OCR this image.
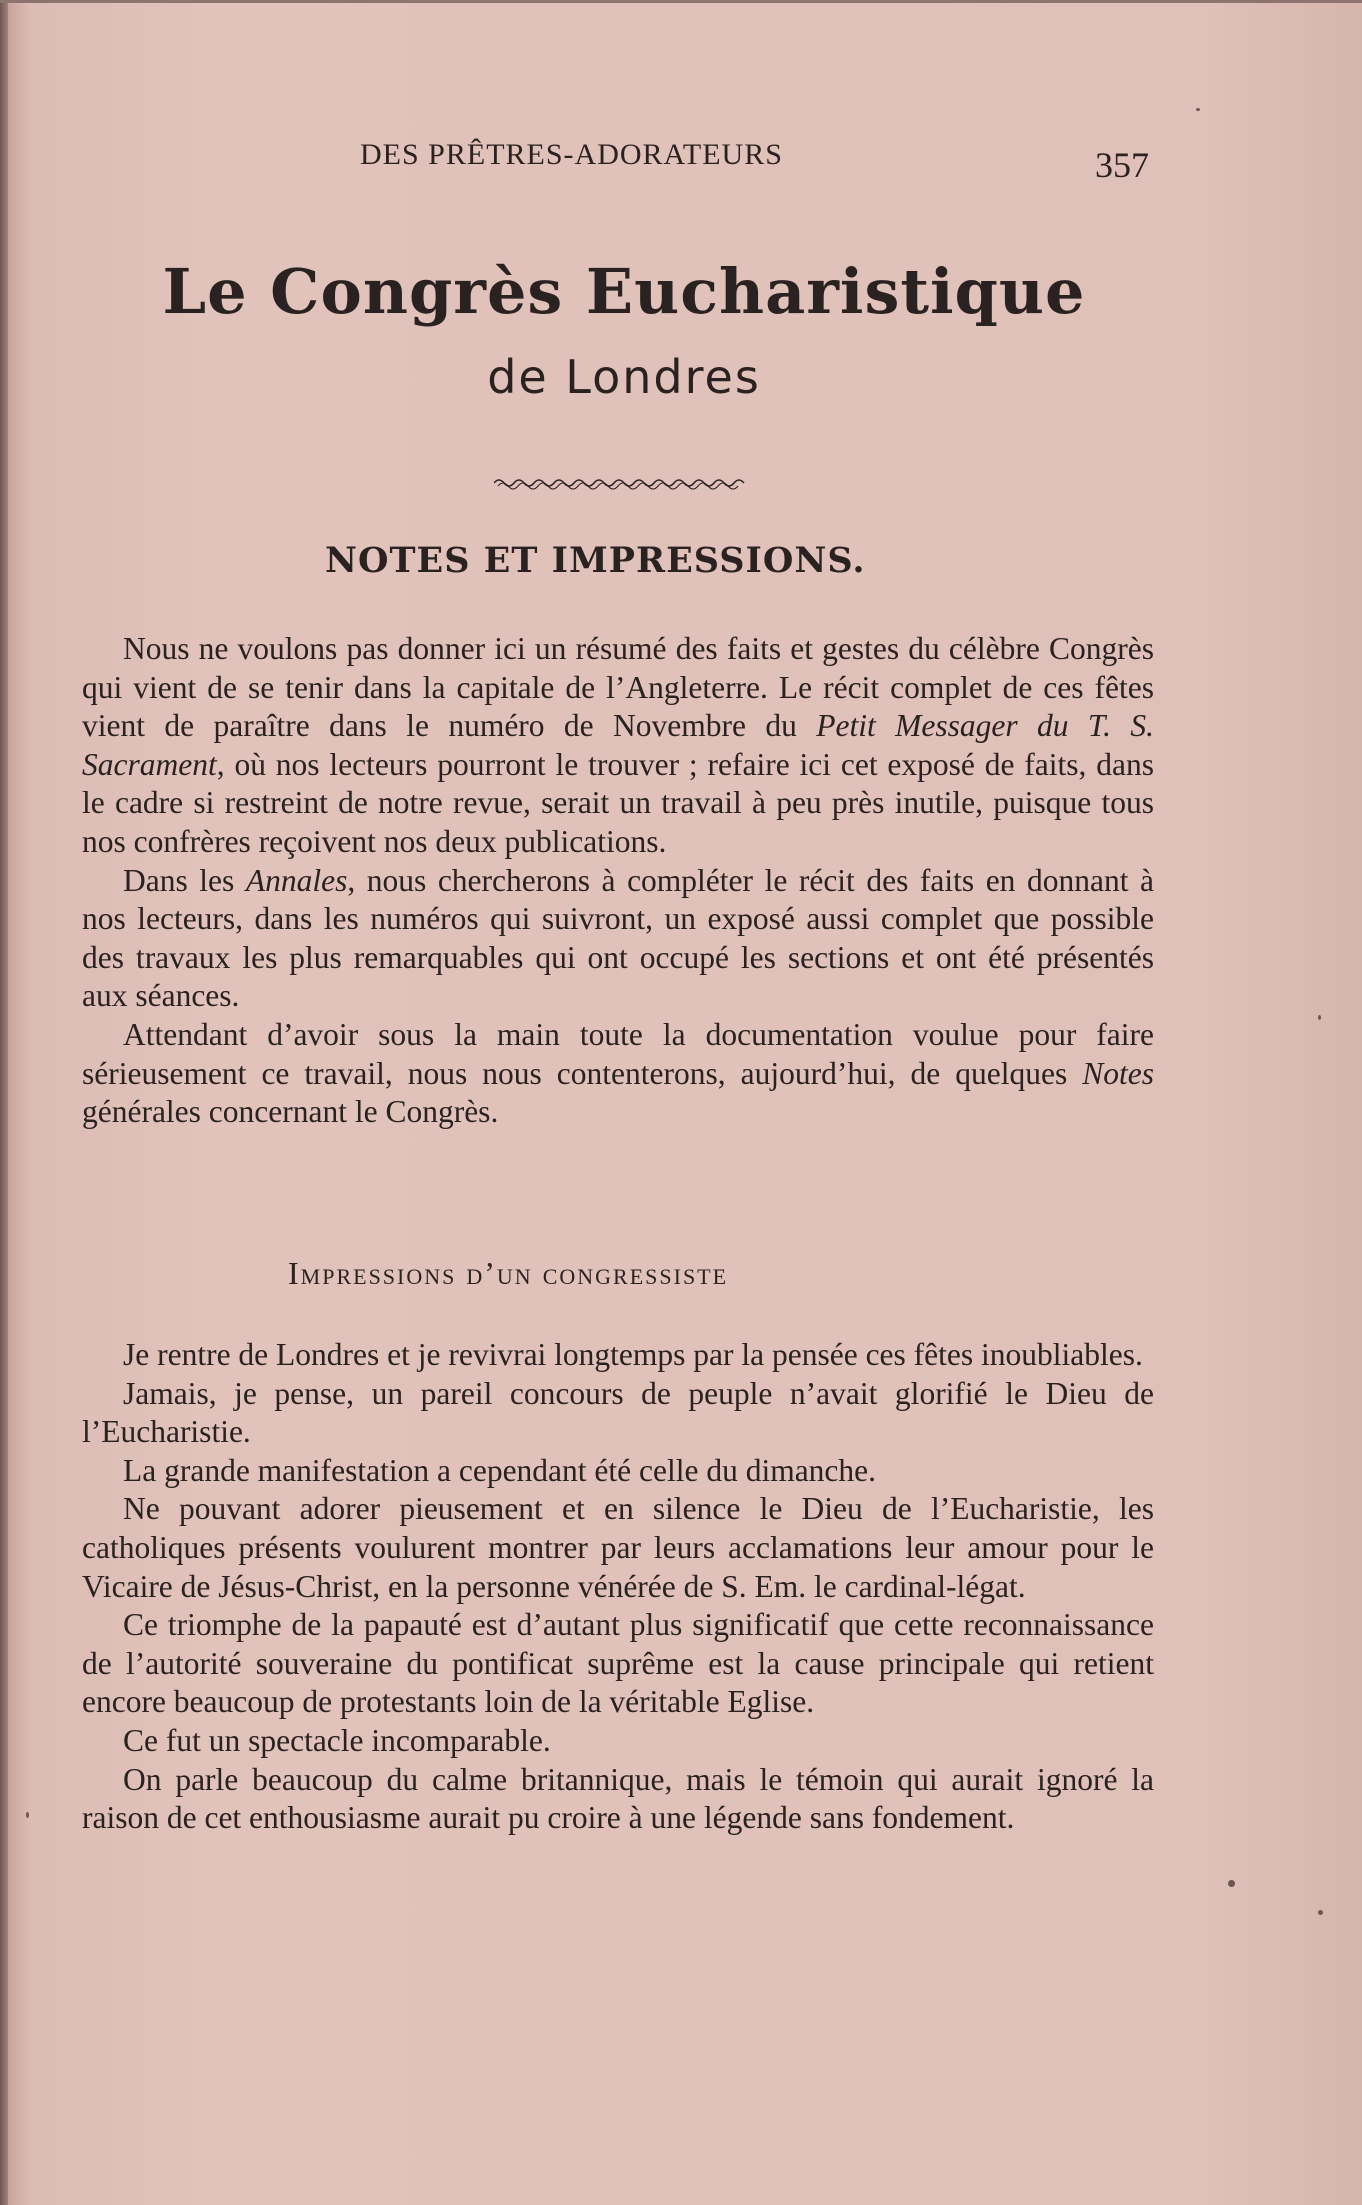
DES PRÊTRES-ADORATEURS	357
Le Congrès Eucharistique
de Londres
NOTES ET IMPRESSIONS.

Nous ne voulons pas donner ici un résumé des faits et gestes du célèbre Congrès qui vient de se tenir dans la capitale de l’Angleterre. Le récit complet de ces fêtes vient de paraître dans le numéro de Novembre du Petit Messager du T. S. Sacrament, où nos lecteurs pourront le trouver ; refaire ici cet exposé de faits, dans le cadre si restreint de notre revue, serait un travail à peu près inutile, puisque tous nos confrères reçoivent nos deux publications.

Dans les Annales, nous chercherons à compléter le récit des faits en donnant à nos lecteurs, dans les numéros qui suivront, un exposé aussi complet que possible des travaux les plus remarquables qui ont occupé les sections et ont été présentés aux séances.

Attendant d’avoir sous la main toute la documentation voulue pour faire sérieusement ce travail, nous nous contenterons, aujourd’hui, de quelques Notes générales concernant le Congrès.

Impressions d’un congressiste

Je rentre de Londres et je revivrai longtemps par la pensée ces fêtes inoubliables.

Jamais, je pense, un pareil concours de peuple n’avait glorifié le Dieu de l’Eucharistie.

La grande manifestation a cependant été celle du dimanche.

Ne pouvant adorer pieusement et en silence le Dieu de l’Eucharistie, les catholiques présents voulurent montrer par leurs acclamations leur amour pour le Vicaire de Jésus-Christ, en la personne vénérée de S. Em. le cardinal-légat.

Ce triomphe de la papauté est d’autant plus significatif que cette reconnaissance de l’autorité souveraine du pontificat suprême est la cause principale qui retient encore beaucoup de protestants loin de la véritable Eglise.

Ce fut un spectacle incomparable.

On parle beaucoup du calme britannique, mais le témoin qui aurait ignoré la raison de cet enthousiasme aurait pu croire à une légende sans fondement.
